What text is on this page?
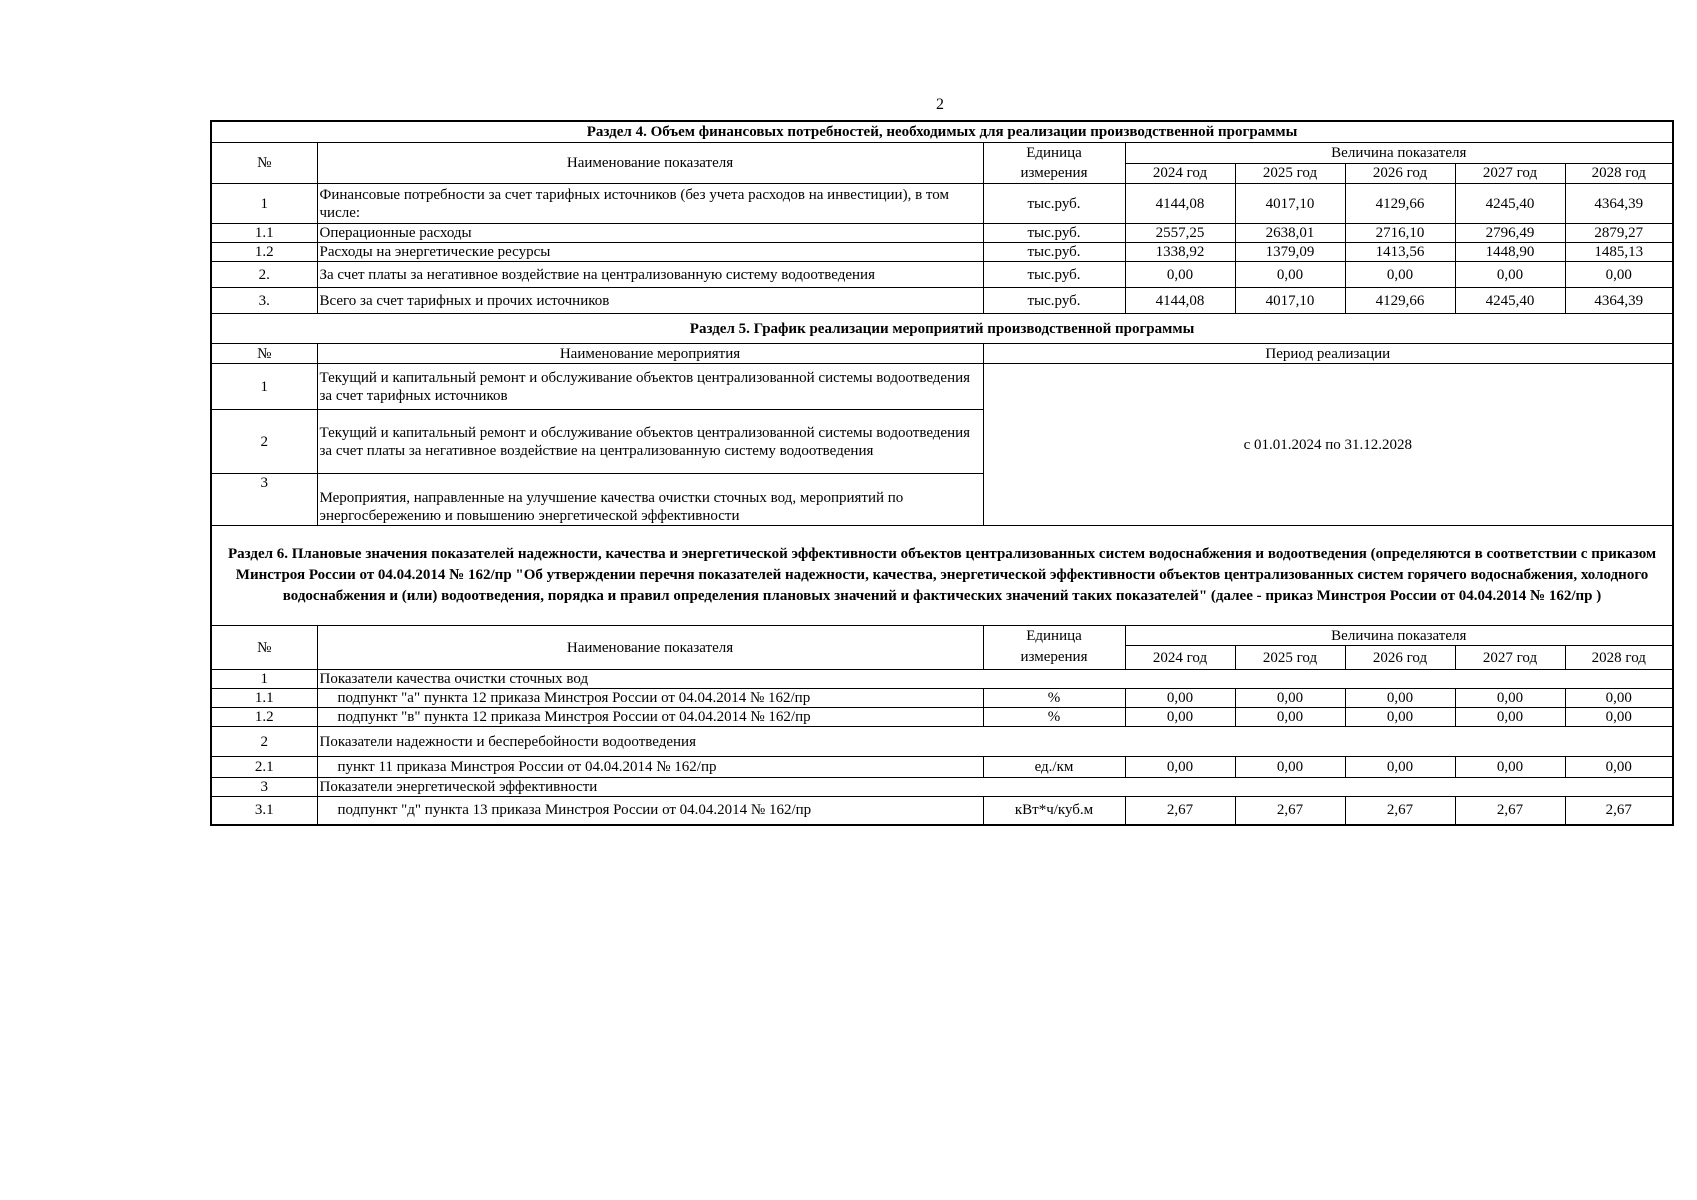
2
Раздел 4. Объем финансовых потребностей, необходимых для реализации производственной программы							
№	Наименование показателя	Единица	Величина показателя				
		измерения	2024 год	2025 год	2026 год	2027 год	2028 год
1	Финансовые потребности за счет тарифных источников (без учета расходов на инвестиции), в том числе:	тыс.руб.	4144,08	4017,10	4129,66	4245,40	4364,39
1.1	Операционные расходы	тыс.руб.	2557,25	2638,01	2716,10	2796,49	2879,27
1.2	Расходы на энергетические ресурсы	тыс.руб.	1338,92	1379,09	1413,56	1448,90	1485,13
2.	За счет платы за негативное воздействие на централизованную систему водоотведения	тыс.руб.	0,00	0,00	0,00	0,00	0,00
3.	Всего за счет тарифных и прочих источников	тыс.руб.	4144,08	4017,10	4129,66	4245,40	4364,39
Раздел 5. График реализации мероприятий производственной программы							
№	Наименование мероприятия	Период реализации					
1	Текущий и капитальный ремонт и обслуживание объектов централизованной системы водоотведения за счет тарифных источников	с 01.01.2024 по 31.12.2028					
2	Текущий и капитальный ремонт и обслуживание объектов централизованной системы водоотведения за счет платы за негативное воздействие на централизованную систему водоотведения						
3	Мероприятия, направленные на улучшение качества очистки сточных вод, мероприятий по энергосбережению и повышению энергетической эффективности						
Раздел 6. Плановые значения показателей надежности, качества и энергетической эффективности объектов централизованных систем водоснабжения и водоотведения (определяются в соответствии с приказом Минстроя России от 04.04.2014 № 162/пр "Об утверждении перечня показателей надежности, качества, энергетической эффективности объектов централизованных систем горячего водоснабжения, холодного водоснабжения и (или) водоотведения, порядка и правил определения плановых значений и фактических значений таких показателей" (далее - приказ Минстроя России от 04.04.2014 № 162/пр )							
№	Наименование показателя	Единица	Величина показателя				
		измерения	2024 год	2025 год	2026 год	2027 год	2028 год
1	Показатели качества очистки сточных вод						
1.1	подпункт "а" пункта 12 приказа Минстроя России от 04.04.2014 № 162/пр	%	0,00	0,00	0,00	0,00	0,00
1.2	подпункт "в" пункта 12 приказа Минстроя России от 04.04.2014 № 162/пр	%	0,00	0,00	0,00	0,00	0,00
2	Показатели надежности и бесперебойности водоотведения						
2.1	пункт 11 приказа Минстроя России от 04.04.2014 № 162/пр	ед./км	0,00	0,00	0,00	0,00	0,00
3	Показатели энергетической эффективности						
3.1	подпункт "д" пункта 13 приказа Минстроя России от 04.04.2014 № 162/пр	кВт*ч/куб.м	2,67	2,67	2,67	2,67	2,67
